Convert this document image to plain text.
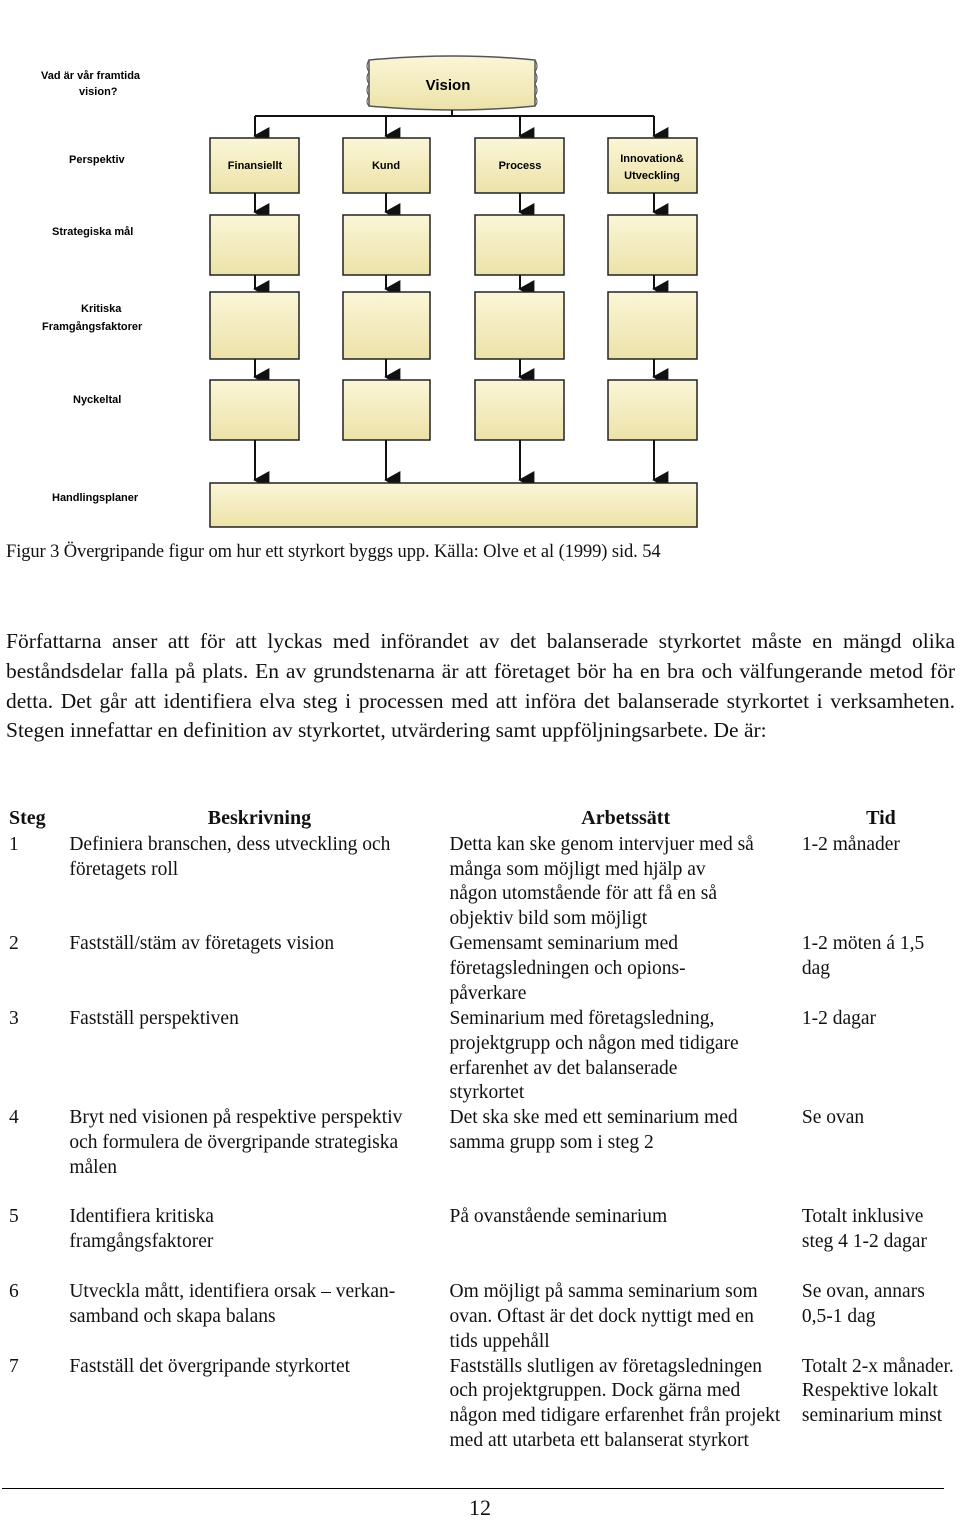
Vad är vår framtida
vision?
Perspektiv
Strategiska mål
Kritiska
Framgångsfaktorer
Nyckeltal
Handlingsplaner
Vision
Finansiellt	Kund	Process
Innovation&
Utveckling
Figur 3 Övergripande figur om hur ett styrkort byggs upp. Källa: Olve et al (1999) sid. 54
Författarna anser att för att lyckas med införandet av det balanserade styrkortet måste en mängd olika beståndsdelar falla på plats. En av grundstenarna är att företaget bör ha en bra och välfungerande metod för detta. Det går att identifiera elva steg i processen med att införa det balanserade styrkortet i verksamheten. Stegen innefattar en definition av styrkortet, utvärdering samt uppföljningsarbete. De är:
Steg	Beskrivning	Arbetssätt	Tid
1	Definiera branschen, dess utveckling och företagets roll	Detta kan ske genom intervjuer med så många som möjligt med hjälp av någon utomstående för att få en så objektiv bild som möjligt	1-2 månader
2	Fastställ/stäm av företagets vision	Gemensamt seminarium med företagsledningen och opions-påverkare	1-2 möten á 1,5 dag
3	Fastställ perspektiven	Seminarium med företagsledning, projektgrupp och någon med tidigare erfarenhet av det balanserade styrkortet	1-2 dagar
4	Bryt ned visionen på respektive perspektiv och formulera de övergripande strategiska målen	Det ska ske med ett seminarium med samma grupp som i steg 2	Se ovan
5	Identifiera kritiska framgångsfaktorer	På ovanstående seminarium	Totalt inklusive steg 4 1-2 dagar
6	Utveckla mått, identifiera orsak – verkan-samband och skapa balans	Om möjligt på samma seminarium som ovan. Oftast är det dock nyttigt med en tids uppehåll	Se ovan, annars 0,5-1 dag
7	Fastställ det övergripande styrkortet	Fastställs slutligen av företagsledningen och projektgruppen. Dock gärna med någon med tidigare erfarenhet från projekt med att utarbeta ett balanserat styrkort	Totalt 2-x månader. Respektive lokalt seminarium minst
12
